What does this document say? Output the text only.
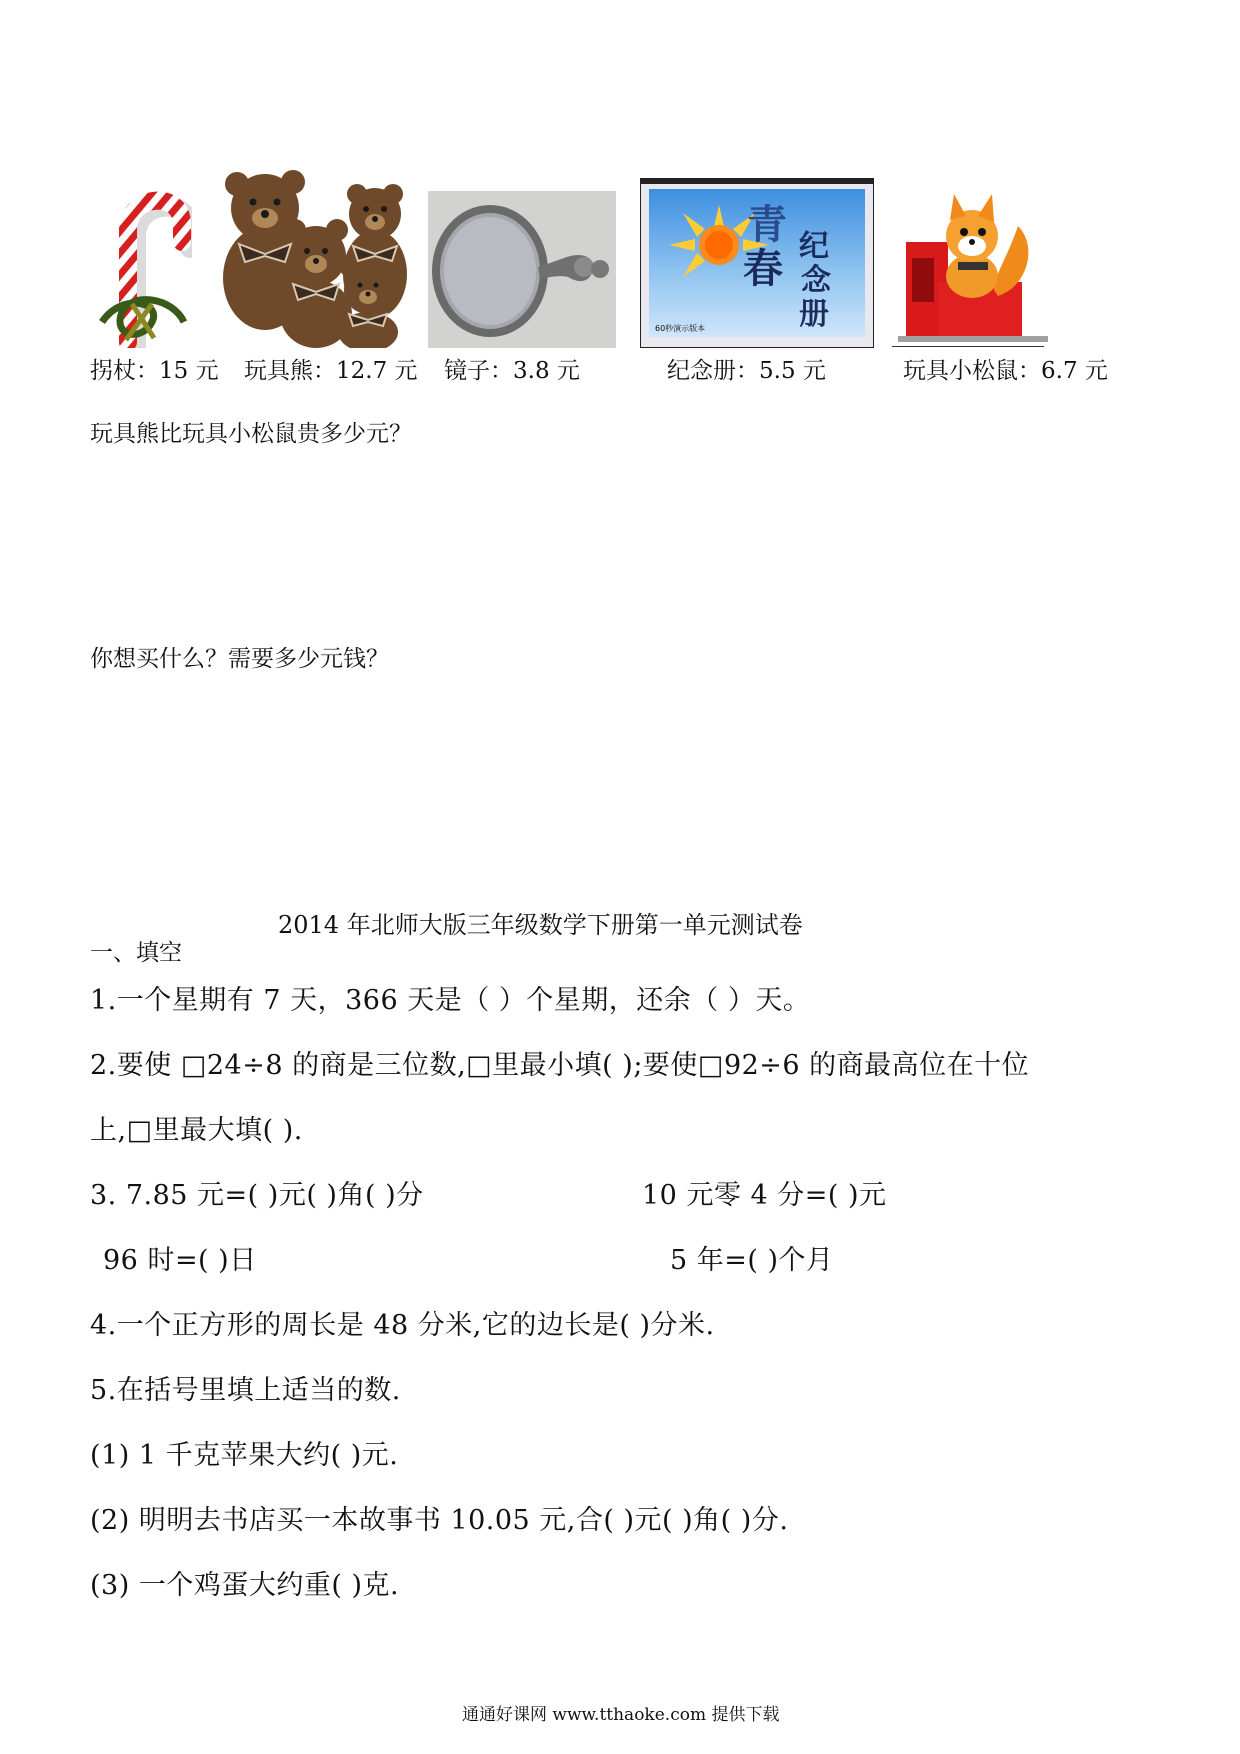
青
春 纪
念
册
60秒演示版本
拐杖：15 元 玩具熊：12.7 元 镜子：3.8 元	纪念册：5.5 元	玩具小松鼠：6.7 元
玩具熊比玩具小松鼠贵多少元？
你想买什么？需要多少元钱？
2014 年北师大版三年级数学下册第一单元测试卷
一、填空
1.一个星期有 7 天，366 天是（ ）个星期，还余（ ）天。
2.要使 □24÷8 的商是三位数,□里最小填( );要使□92÷6 的商最高位在十位
上,□里最大填( ).
3. 7.85 元=( )元( )角( )分	10 元零 4 分=( )元
96 时=( )日	5 年=( )个月
4.一个正方形的周长是 48 分米,它的边长是( )分米.
5.在括号里填上适当的数.
(1) 1 千克苹果大约( )元.
(2) 明明去书店买一本故事书 10.05 元,合( )元( )角( )分.
(3) 一个鸡蛋大约重( )克.
通通好课网 www.tthaoke.com 提供下载
